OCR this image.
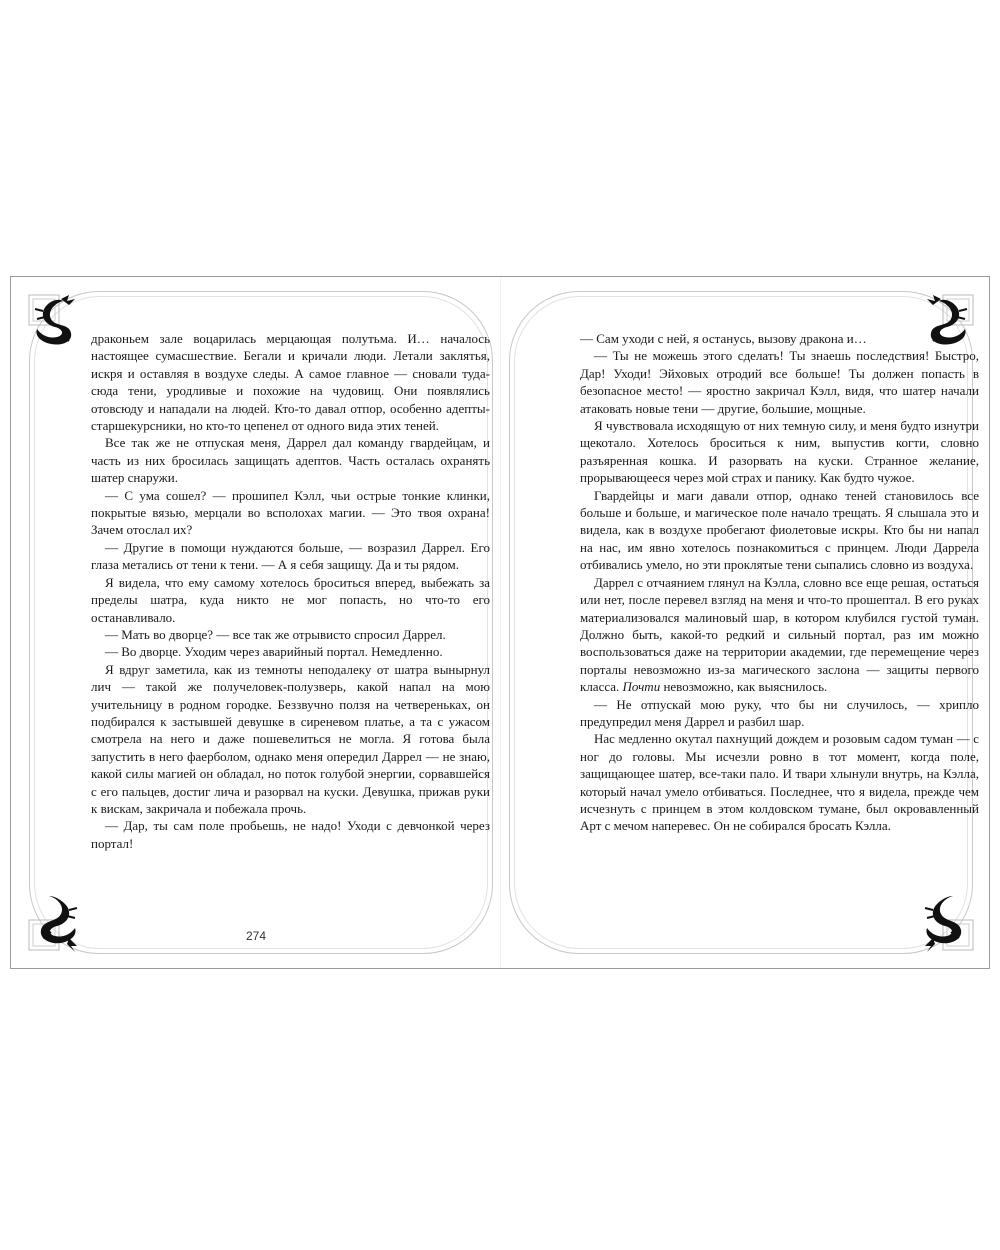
драконьем зале воцарилась мерцающая полутьма. И… началось настоящее сумасшествие. Бегали и кричали люди. Летали заклятья, искря и оставляя в воздухе следы. А самое главное — сновали туда-сюда тени, уродливые и похожие на чудовищ. Они появлялись отовсюду и нападали на людей. Кто-то давал отпор, особенно адепты-старшекурсники, но кто-то цепенел от одного вида этих теней.

Все так же не отпуская меня, Даррел дал команду гвардейцам, и часть из них бросилась защищать адептов. Часть осталась охранять шатер снаружи.

— С ума сошел? — прошипел Кэлл, чьи острые тонкие клинки, покрытые вязью, мерцали во всполохах магии. — Это твоя охрана! Зачем отослал их?

— Другие в помощи нуждаются больше, — возразил Даррел. Его глаза метались от тени к тени. — А я себя защищу. Да и ты рядом.

Я видела, что ему самому хотелось броситься вперед, выбежать за пределы шатра, куда никто не мог попасть, но что-то его останавливало.

— Мать во дворце? — все так же отрывисто спросил Даррел.

— Во дворце. Уходим через аварийный портал. Немедленно.

Я вдруг заметила, как из темноты неподалеку от шатра вынырнул лич — такой же получеловек-полузверь, какой напал на мою учительницу в родном городке. Беззвучно ползя на четвереньках, он подбирался к застывшей девушке в сиреневом платье, а та с ужасом смотрела на него и даже пошевелиться не могла. Я готова была запустить в него фаерболом, однако меня опередил Даррел — не знаю, какой силы магией он обладал, но поток голубой энергии, сорвавшейся с его пальцев, достиг лича и разорвал на куски. Девушка, прижав руки к вискам, закричала и побежала прочь.

— Дар, ты сам поле пробьешь, не надо! Уходи с девчонкой через портал!

274

— Сам уходи с ней, я останусь, вызову дракона и…

— Ты не можешь этого сделать! Ты знаешь последствия! Быстро, Дар! Уходи! Эйховых отродий все больше! Ты должен попасть в безопасное место! — яростно закричал Кэлл, видя, что шатер начали атаковать новые тени — другие, большие, мощные.

Я чувствовала исходящую от них темную силу, и меня будто изнутри щекотало. Хотелось броситься к ним, выпустив когти, словно разъяренная кошка. И разорвать на куски. Странное желание, прорывающееся через мой страх и панику. Как будто чужое.

Гвардейцы и маги давали отпор, однако теней становилось все больше и больше, и магическое поле начало трещать. Я слышала это и видела, как в воздухе пробегают фиолетовые искры. Кто бы ни напал на нас, им явно хотелось познакомиться с принцем. Люди Даррела отбивались умело, но эти проклятые тени сыпались словно из воздуха.

Даррел с отчаянием глянул на Кэлла, словно все еще решая, остаться или нет, после перевел взгляд на меня и что-то прошептал. В его руках материализовался малиновый шар, в котором клубился густой туман. Должно быть, какой-то редкий и сильный портал, раз им можно воспользоваться даже на территории академии, где перемещение через порталы невозможно из-за магического заслона — защиты первого класса. Почти невозможно, как выяснилось.

— Не отпускай мою руку, что бы ни случилось, — хрипло предупредил меня Даррел и разбил шар.

Нас медленно окутал пахнущий дождем и розовым садом туман — с ног до головы. Мы исчезли ровно в тот момент, когда поле, защищающее шатер, все-таки пало. И твари хлынули внутрь, на Кэлла, который начал умело отбиваться. Последнее, что я видела, прежде чем исчезнуть с принцем в этом колдовском тумане, был окровавленный Арт с мечом наперевес. Он не собирался бросать Кэлла.
